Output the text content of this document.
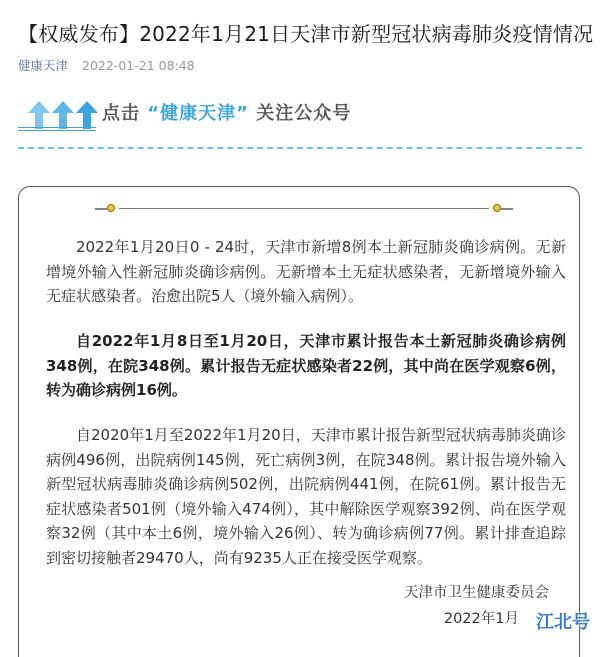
【权威发布】2022年1月21日天津市新型冠状病毒肺炎疫情情况
健康天津 2022-01-21 08:48
点击 “健康天津” 关注公众号

2022年1月20日0 - 24时，天津市新增8例本土新冠肺炎确诊病例。无新增境外输入性新冠肺炎确诊病例。无新增本土无症状感染者，无新增境外输入无症状感染者。治愈出院5人（境外输入病例）。

自2022年1月8日至1月20日，天津市累计报告本土新冠肺炎确诊病例348例，在院348例。累计报告无症状感染者22例，其中尚在医学观察6例，转为确诊病例16例。

自2020年1月至2022年1月20日，天津市累计报告新型冠状病毒肺炎确诊病例496例，出院病例145例，死亡病例3例，在院348例。累计报告境外输入新型冠状病毒肺炎确诊病例502例，出院病例441例，在院61例。累计报告无症状感染者501例（境外输入474例），其中解除医学观察392例、尚在医学观察32例（其中本土6例，境外输入26例）、转为确诊病例77例。累计排查追踪到密切接触者29470人，尚有9235人正在接受医学观察。

天津市卫生健康委员会
2022年1月 江北号
